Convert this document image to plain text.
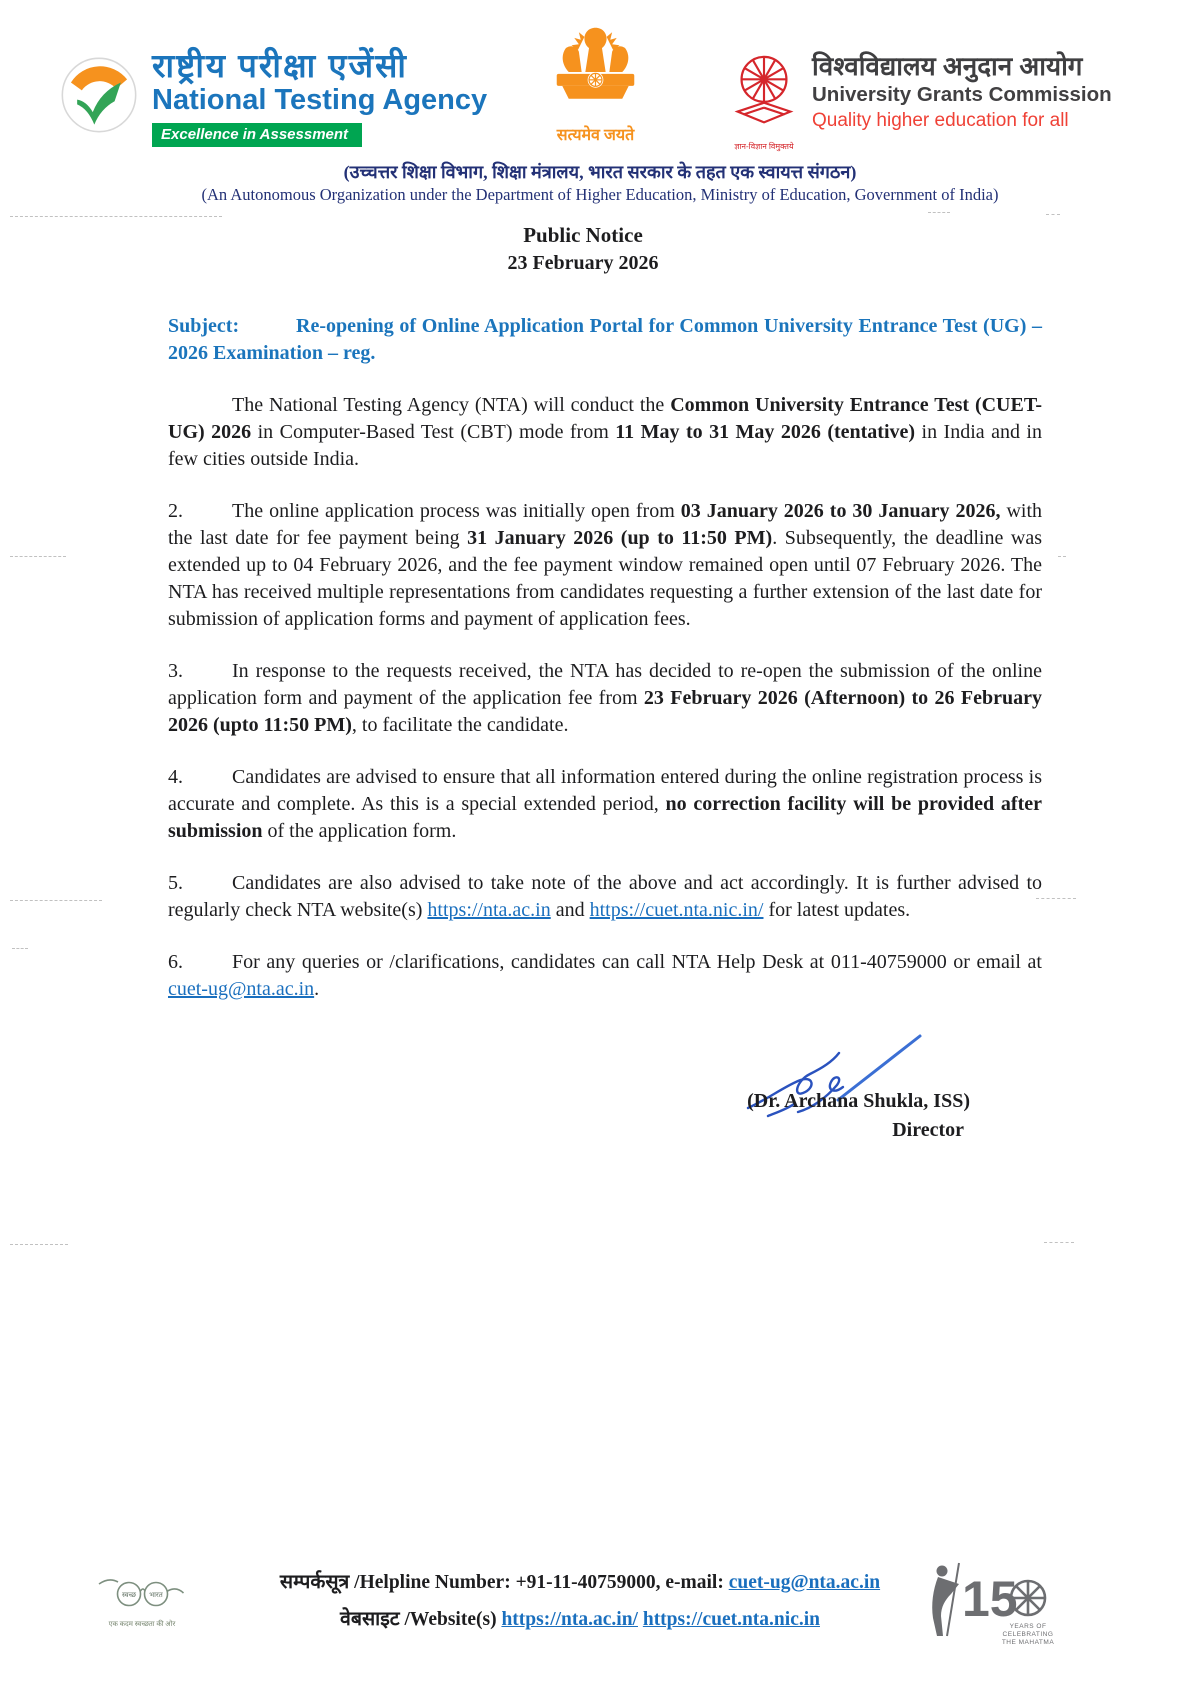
राष्ट्रीय परीक्षा एजेंसी
National Testing Agency
Excellence in Assessment	सत्यमेव जयते
ज्ञान-विज्ञान विमुक्तये
विश्वविद्यालय अनुदान आयोग
University Grants Commission
Quality higher education for all
(उच्चत्तर शिक्षा विभाग, शिक्षा मंत्रालय, भारत सरकार के तहत एक स्वायत्त संगठन)
(An Autonomous Organization under the Department of Higher Education, Ministry of Education, Government of India)
Public Notice
23 February 2026

Subject:	Re-opening of Online Application Portal for Common University Entrance Test (UG) – 2026 Examination – reg.

The National Testing Agency (NTA) will conduct the Common University Entrance Test (CUET-UG) 2026 in Computer-Based Test (CBT) mode from 11 May to 31 May 2026 (tentative) in India and in few cities outside India.

2. The online application process was initially open from 03 January 2026 to 30 January 2026, with the last date for fee payment being 31 January 2026 (up to 11:50 PM). Subsequently, the deadline was extended up to 04 February 2026, and the fee payment window remained open until 07 February 2026. The NTA has received multiple representations from candidates requesting a further extension of the last date for submission of application forms and payment of application fees.

3. In response to the requests received, the NTA has decided to re-open the submission of the online application form and payment of the application fee from 23 February 2026 (Afternoon) to 26 February 2026 (upto 11:50 PM), to facilitate the candidate.

4. Candidates are advised to ensure that all information entered during the online registration process is accurate and complete. As this is a special extended period, no correction facility will be provided after submission of the application form.

5. Candidates are also advised to take note of the above and act accordingly. It is further advised to regularly check NTA website(s) https://nta.ac.in and https://cuet.nta.nic.in/ for latest updates.

6. For any queries or /clarifications, candidates can call NTA Help Desk at 011-40759000 or email at cuet-ug@nta.ac.in.

(Dr. Archana Shukla, ISS)
Director
स्वच्छ भारत
एक कदम स्वच्छता की ओर
सम्पर्कसूत्र /Helpline Number: +91-11-40759000, e-mail: cuet-ug@nta.ac.in
वेबसाइट /Website(s) https://nta.ac.in/ https://cuet.nta.nic.in	15
YEARS OF
CELEBRATING
THE MAHATMA
